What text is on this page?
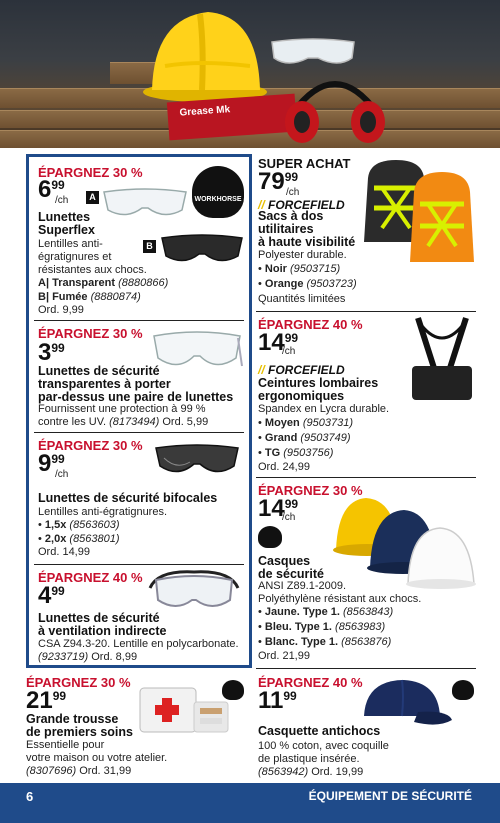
Grease Mk
ÉPARGNEZ 30 %
$6^{99}$
/ch	A	WORKHORSE
Lunettes
Superflex
Lentilles anti-
égratignures et
résistantes aux chocs.
B
A| Transparent (8880866)
B| Fumée (8880874)
Ord. 9,99
ÉPARGNEZ 30 %
$3^{99}$
Lunettes de sécurité
transparentes à porter
par-dessus une paire de lunettes
Fournissent une protection à 99 %
contre les UV. (8173494) Ord. 5,99
ÉPARGNEZ 30 %
$9^{99}$
/ch
Lunettes de sécurité bifocales
Lentilles anti-égratignures.
• 1,5x (8563603)
• 2,0x (8563801)
Ord. 14,99
ÉPARGNEZ 40 %
$4^{99}$
Lunettes de sécurité
à ventilation indirecte
CSA Z94.3-20. Lentille en polycarbonate.
(9233719) Ord. 8,99
SUPER ACHAT
$79^{99}$
/ch
// FORCEFIELD
Sacs à dos
utilitaires
à haute visibilité
Polyester durable.
• Noir (9503715)
• Orange (9503723)
Quantités limitées
ÉPARGNEZ 40 %
$14^{99}$
/ch
// FORCEFIELD
Ceintures lombaires
ergonomiques
Spandex en Lycra durable.
• Moyen (9503731)
• Grand (9503749)
• TG (9503756)
Ord. 24,99
ÉPARGNEZ 30 %
$14^{99}$
/ch
Casques
de sécurité
ANSI Z89.1-2009.
Polyéthylène résistant aux chocs.
• Jaune. Type 1. (8563843)
• Bleu. Type 1. (8563983)
• Blanc. Type 1. (8563876)
Ord. 21,99
ÉPARGNEZ 30 %
$21^{99}$
Grande trousse
de premiers soins
Essentielle pour
votre maison ou votre atelier.
(8307696) Ord. 31,99
ÉPARGNEZ 40 %
$11^{99}$
Casquette antichocs
100 % coton, avec coquille
de plastique insérée.
(8563942) Ord. 19,99
6	ÉQUIPEMENT DE SÉCURITÉ
